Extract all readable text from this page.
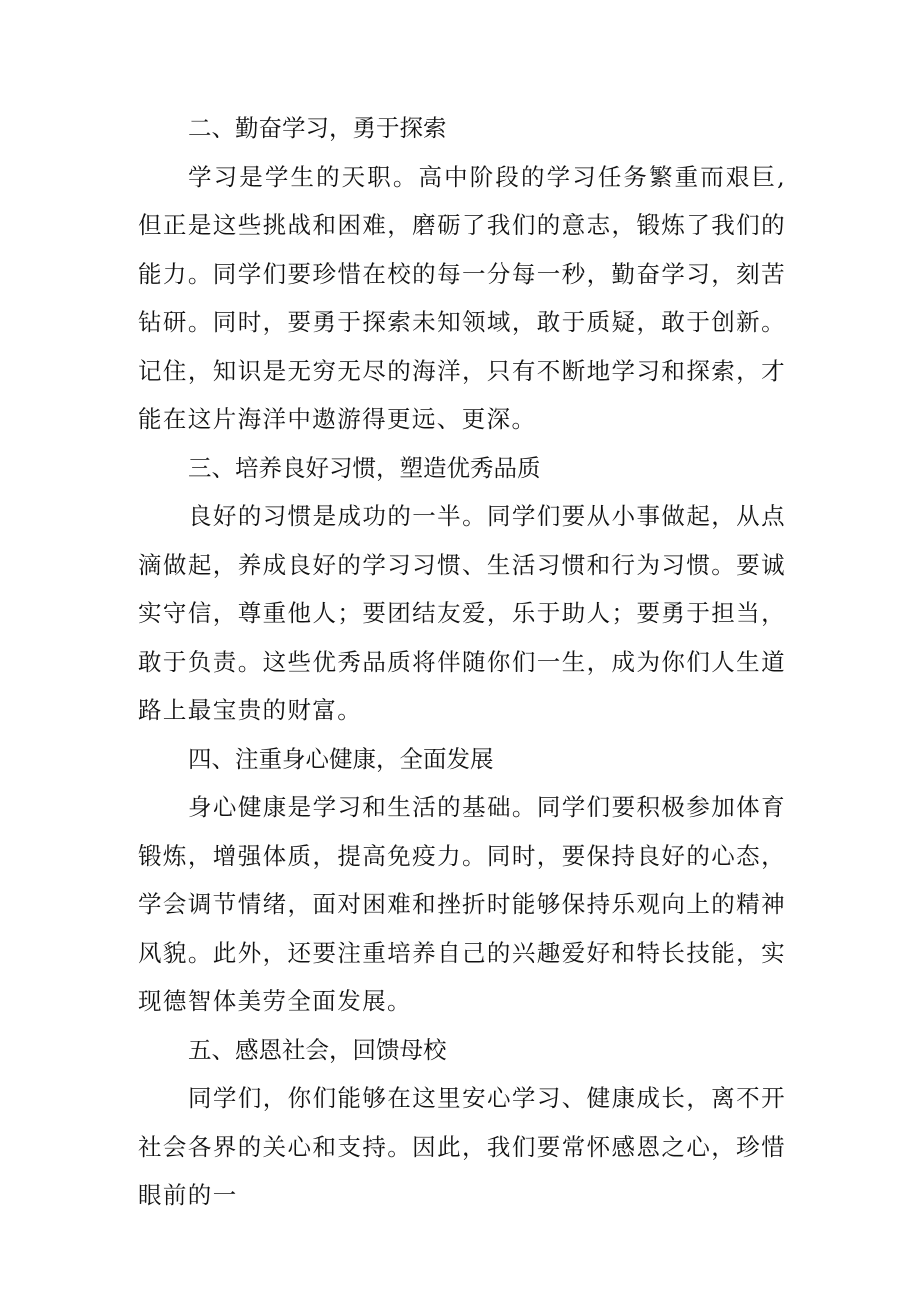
二、勤奋学习，勇于探索

学习是学生的天职。高中阶段的学习任务繁重而艰巨,但正是这些挑战和困难，磨砺了我们的意志，锻炼了我们的能力。同学们要珍惜在校的每一分每一秒，勤奋学习，刻苦钻研。同时，要勇于探索未知领域，敢于质疑，敢于创新。记住，知识是无穷无尽的海洋，只有不断地学习和探索，才能在这片海洋中遨游得更远、更深。

三、培养良好习惯，塑造优秀品质

良好的习惯是成功的一半。同学们要从小事做起，从点滴做起，养成良好的学习习惯、生活习惯和行为习惯。要诚实守信，尊重他人；要团结友爱，乐于助人；要勇于担当，敢于负责。这些优秀品质将伴随你们一生，成为你们人生道路上最宝贵的财富。

四、注重身心健康，全面发展

身心健康是学习和生活的基础。同学们要积极参加体育锻炼，增强体质，提高免疫力。同时，要保持良好的心态，学会调节情绪，面对困难和挫折时能够保持乐观向上的精神风貌。此外，还要注重培养自己的兴趣爱好和特长技能，实现德智体美劳全面发展。

五、感恩社会，回馈母校

同学们，你们能够在这里安心学习、健康成长，离不开社会各界的关心和支持。因此，我们要常怀感恩之心，珍惜眼前的一
